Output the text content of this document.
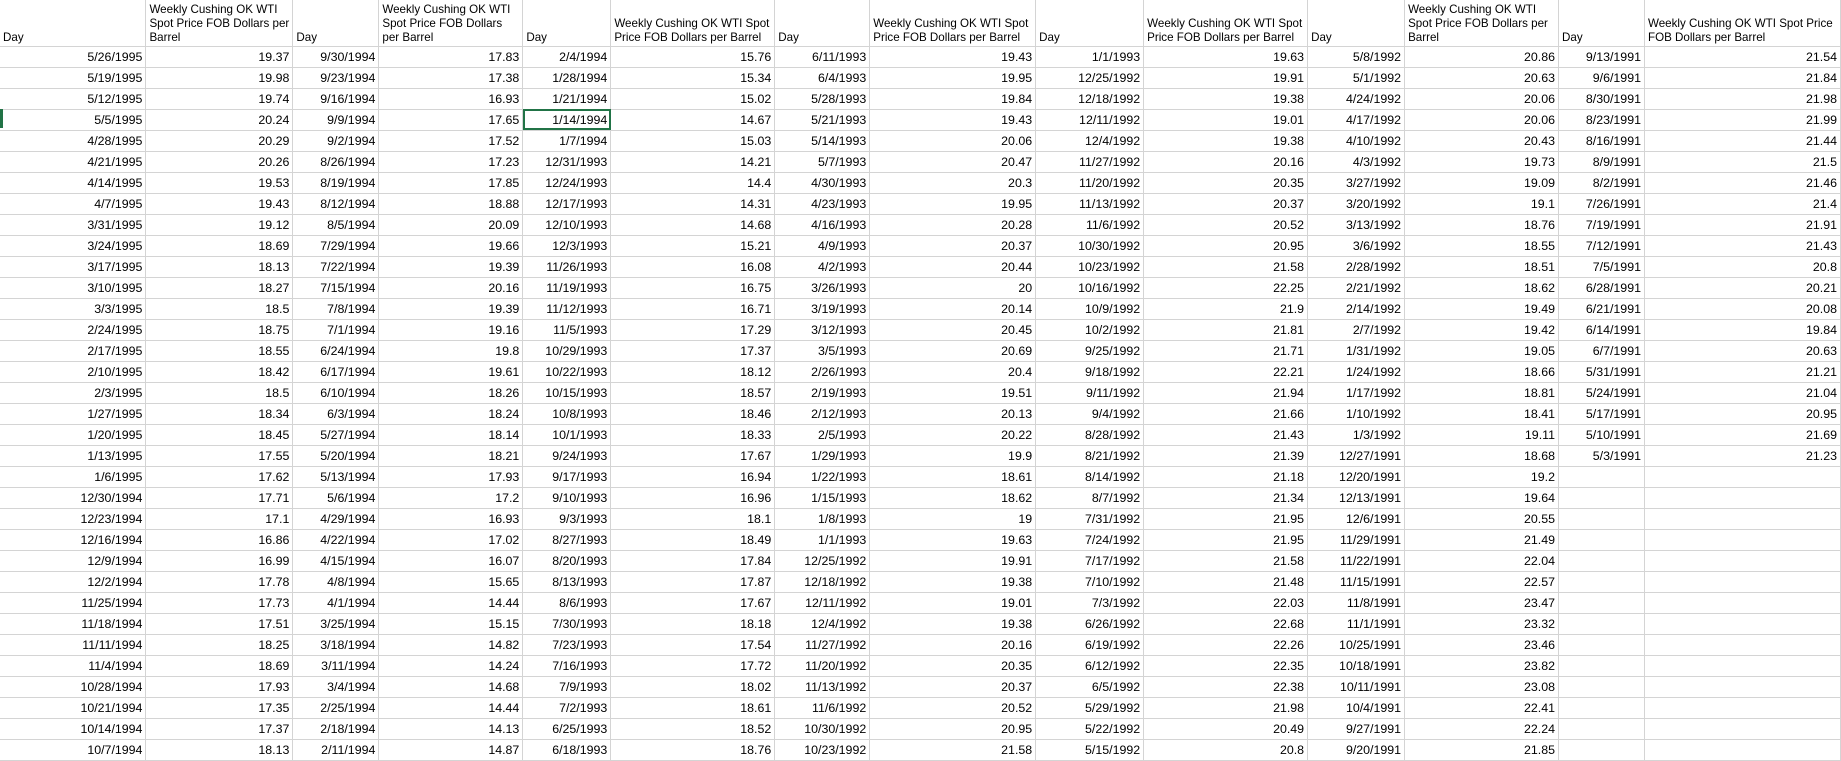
Day	Weekly Cushing OK WTI Spot Price FOB Dollars per Barrel	Day	Weekly Cushing OK WTI Spot Price FOB Dollars per Barrel	Day	Weekly Cushing OK WTI Spot Price FOB Dollars per Barrel	Day	Weekly Cushing OK WTI Spot Price FOB Dollars per Barrel	Day	Weekly Cushing OK WTI Spot Price FOB Dollars per Barrel	Day	Weekly Cushing OK WTI Spot Price FOB Dollars per Barrel	Day	Weekly Cushing OK WTI Spot Price FOB Dollars per Barrel
5/26/1995	19.37	9/30/1994	17.83	2/4/1994	15.76	6/11/1993	19.43	1/1/1993	19.63	5/8/1992	20.86	9/13/1991	21.54
5/19/1995	19.98	9/23/1994	17.38	1/28/1994	15.34	6/4/1993	19.95	12/25/1992	19.91	5/1/1992	20.63	9/6/1991	21.84
5/12/1995	19.74	9/16/1994	16.93	1/21/1994	15.02	5/28/1993	19.84	12/18/1992	19.38	4/24/1992	20.06	8/30/1991	21.98
5/5/1995	20.24	9/9/1994	17.65	1/14/1994	14.67	5/21/1993	19.43	12/11/1992	19.01	4/17/1992	20.06	8/23/1991	21.99
4/28/1995	20.29	9/2/1994	17.52	1/7/1994	15.03	5/14/1993	20.06	12/4/1992	19.38	4/10/1992	20.43	8/16/1991	21.44
4/21/1995	20.26	8/26/1994	17.23	12/31/1993	14.21	5/7/1993	20.47	11/27/1992	20.16	4/3/1992	19.73	8/9/1991	21.5
4/14/1995	19.53	8/19/1994	17.85	12/24/1993	14.4	4/30/1993	20.3	11/20/1992	20.35	3/27/1992	19.09	8/2/1991	21.46
4/7/1995	19.43	8/12/1994	18.88	12/17/1993	14.31	4/23/1993	19.95	11/13/1992	20.37	3/20/1992	19.1	7/26/1991	21.4
3/31/1995	19.12	8/5/1994	20.09	12/10/1993	14.68	4/16/1993	20.28	11/6/1992	20.52	3/13/1992	18.76	7/19/1991	21.91
3/24/1995	18.69	7/29/1994	19.66	12/3/1993	15.21	4/9/1993	20.37	10/30/1992	20.95	3/6/1992	18.55	7/12/1991	21.43
3/17/1995	18.13	7/22/1994	19.39	11/26/1993	16.08	4/2/1993	20.44	10/23/1992	21.58	2/28/1992	18.51	7/5/1991	20.8
3/10/1995	18.27	7/15/1994	20.16	11/19/1993	16.75	3/26/1993	20	10/16/1992	22.25	2/21/1992	18.62	6/28/1991	20.21
3/3/1995	18.5	7/8/1994	19.39	11/12/1993	16.71	3/19/1993	20.14	10/9/1992	21.9	2/14/1992	19.49	6/21/1991	20.08
2/24/1995	18.75	7/1/1994	19.16	11/5/1993	17.29	3/12/1993	20.45	10/2/1992	21.81	2/7/1992	19.42	6/14/1991	19.84
2/17/1995	18.55	6/24/1994	19.8	10/29/1993	17.37	3/5/1993	20.69	9/25/1992	21.71	1/31/1992	19.05	6/7/1991	20.63
2/10/1995	18.42	6/17/1994	19.61	10/22/1993	18.12	2/26/1993	20.4	9/18/1992	22.21	1/24/1992	18.66	5/31/1991	21.21
2/3/1995	18.5	6/10/1994	18.26	10/15/1993	18.57	2/19/1993	19.51	9/11/1992	21.94	1/17/1992	18.81	5/24/1991	21.04
1/27/1995	18.34	6/3/1994	18.24	10/8/1993	18.46	2/12/1993	20.13	9/4/1992	21.66	1/10/1992	18.41	5/17/1991	20.95
1/20/1995	18.45	5/27/1994	18.14	10/1/1993	18.33	2/5/1993	20.22	8/28/1992	21.43	1/3/1992	19.11	5/10/1991	21.69
1/13/1995	17.55	5/20/1994	18.21	9/24/1993	17.67	1/29/1993	19.9	8/21/1992	21.39	12/27/1991	18.68	5/3/1991	21.23
1/6/1995	17.62	5/13/1994	17.93	9/17/1993	16.94	1/22/1993	18.61	8/14/1992	21.18	12/20/1991	19.2		
12/30/1994	17.71	5/6/1994	17.2	9/10/1993	16.96	1/15/1993	18.62	8/7/1992	21.34	12/13/1991	19.64		
12/23/1994	17.1	4/29/1994	16.93	9/3/1993	18.1	1/8/1993	19	7/31/1992	21.95	12/6/1991	20.55		
12/16/1994	16.86	4/22/1994	17.02	8/27/1993	18.49	1/1/1993	19.63	7/24/1992	21.95	11/29/1991	21.49		
12/9/1994	16.99	4/15/1994	16.07	8/20/1993	17.84	12/25/1992	19.91	7/17/1992	21.58	11/22/1991	22.04		
12/2/1994	17.78	4/8/1994	15.65	8/13/1993	17.87	12/18/1992	19.38	7/10/1992	21.48	11/15/1991	22.57		
11/25/1994	17.73	4/1/1994	14.44	8/6/1993	17.67	12/11/1992	19.01	7/3/1992	22.03	11/8/1991	23.47		
11/18/1994	17.51	3/25/1994	15.15	7/30/1993	18.18	12/4/1992	19.38	6/26/1992	22.68	11/1/1991	23.32		
11/11/1994	18.25	3/18/1994	14.82	7/23/1993	17.54	11/27/1992	20.16	6/19/1992	22.26	10/25/1991	23.46		
11/4/1994	18.69	3/11/1994	14.24	7/16/1993	17.72	11/20/1992	20.35	6/12/1992	22.35	10/18/1991	23.82		
10/28/1994	17.93	3/4/1994	14.68	7/9/1993	18.02	11/13/1992	20.37	6/5/1992	22.38	10/11/1991	23.08		
10/21/1994	17.35	2/25/1994	14.44	7/2/1993	18.61	11/6/1992	20.52	5/29/1992	21.98	10/4/1991	22.41		
10/14/1994	17.37	2/18/1994	14.13	6/25/1993	18.52	10/30/1992	20.95	5/22/1992	20.49	9/27/1991	22.24		
10/7/1994	18.13	2/11/1994	14.87	6/18/1993	18.76	10/23/1992	21.58	5/15/1992	20.8	9/20/1991	21.85		
